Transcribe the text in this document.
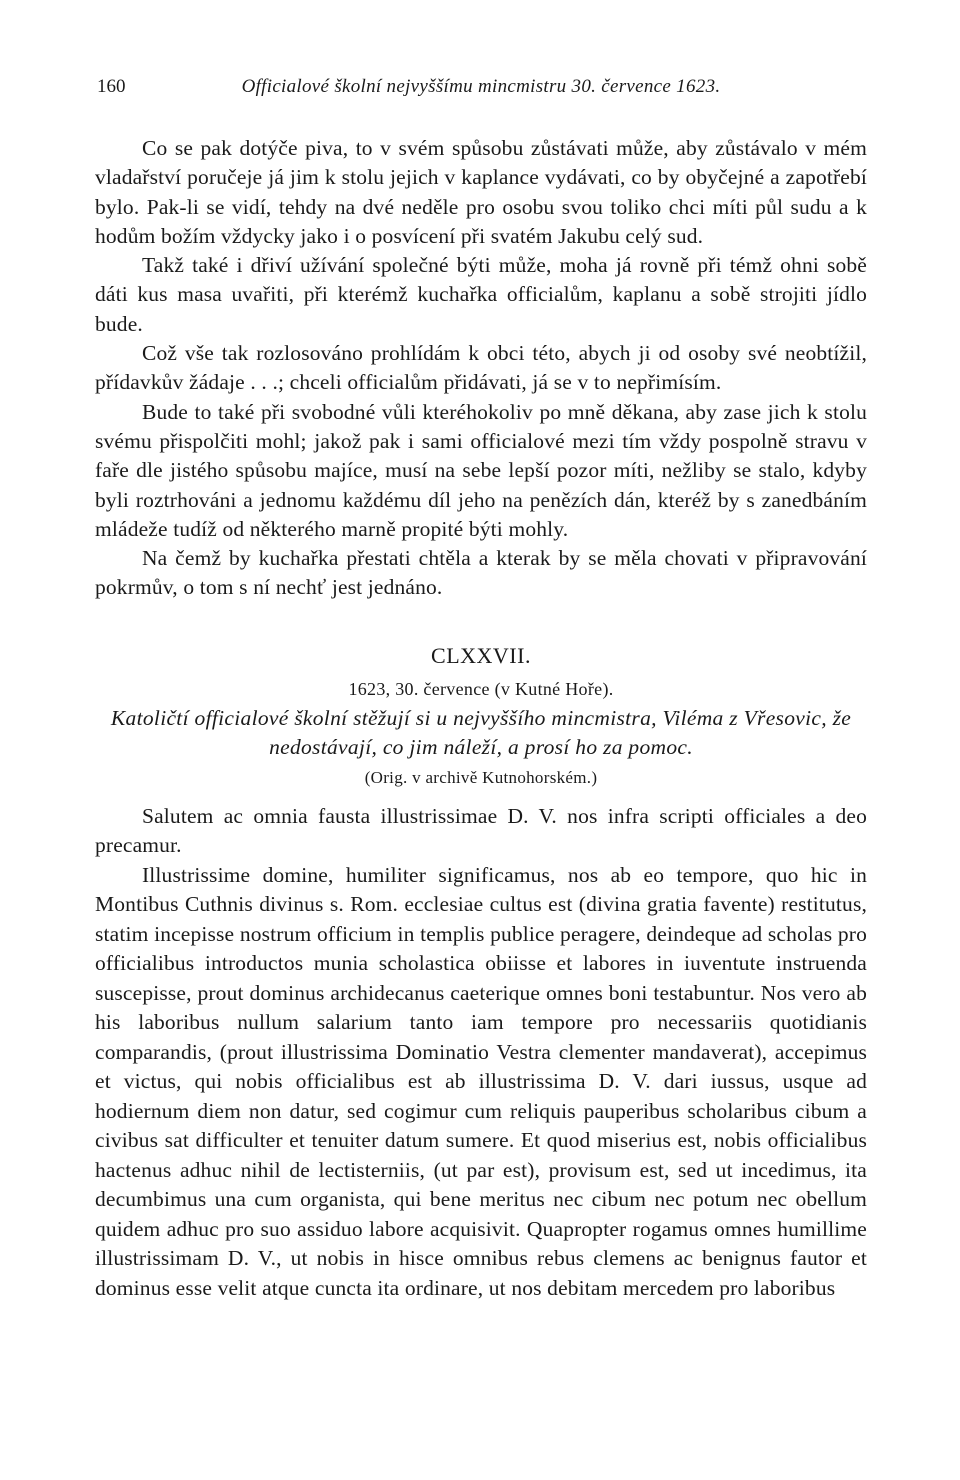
160	Officialové školní nejvyššímu mincmistru 30. července 1623.

Co se pak dotýče piva, to v svém spůsobu zůstávati může, aby zůstávalo v mém vladařství poručeje já jim k stolu jejich v kaplance vydávati, co by obyčejné a zapotřebí bylo. Pak-li se vidí, tehdy na dvé neděle pro osobu svou toliko chci míti půl sudu a k hodům božím vždycky jako i o posvícení při svatém Jakubu celý sud.

Takž také i dřiví užívání společné býti může, moha já rovně při témž ohni sobě dáti kus masa uvařiti, při kterémž kuchařka officialům, kaplanu a sobě strojiti jídlo bude.

Což vše tak rozlosováno prohlídám k obci této, abych ji od osoby své neobtížil, přídavkův žádaje . . .; chceli officialům přidávati, já se v to nepřimísím.

Bude to také při svobodné vůli kteréhokoliv po mně děkana, aby zase jich k stolu svému přispolčiti mohl; jakož pak i sami officialové mezi tím vždy pospolně stravu v faře dle jistého spůsobu majíce, musí na sebe lepší pozor míti, nežliby se stalo, kdyby byli roztrhováni a jednomu každému díl jeho na penězích dán, kteréž by s zanedbáním mládeže tudíž od některého marně propité býti mohly.

Na čemž by kuchařka přestati chtěla a kterak by se měla chovati v připravování pokrmův, o tom s ní nechť jest jednáno.

CLXXVII.
1623, 30. července (v Kutné Hoře).
Katoličtí officialové školní stěžují si u nejvyššího mincmistra, Viléma z Vřesovic, že nedostávají, co jim náleží, a prosí ho za pomoc.
(Orig. v archivě Kutnohorském.)

Salutem ac omnia fausta illustrissimae D. V. nos infra scripti officiales a deo precamur.

Illustrissime domine, humiliter significamus, nos ab eo tempore, quo hic in Montibus Cuthnis divinus s. Rom. ecclesiae cultus est (divina gratia favente) restitutus, statim incepisse nostrum officium in templis publice peragere, deindeque ad scholas pro officialibus introductos munia scholastica obiisse et labores in iuventute instruenda suscepisse, prout dominus archidecanus caeterique omnes boni testabuntur. Nos vero ab his laboribus nullum salarium tanto iam tempore pro necessariis quotidianis comparandis, (prout illustrissima Dominatio Vestra clementer mandaverat), accepimus et victus, qui nobis officialibus est ab illustrissima D. V. dari iussus, usque ad hodiernum diem non datur, sed cogimur cum reliquis pauperibus scholaribus cibum a civibus sat difficulter et tenuiter datum sumere. Et quod miserius est, nobis officialibus hactenus adhuc nihil de lectisterniis, (ut par est), provisum est, sed ut incedimus, ita decumbimus una cum organista, qui bene meritus nec cibum nec potum nec obellum quidem adhuc pro suo assiduo labore acquisivit. Quapropter rogamus omnes humillime illustrissimam D. V., ut nobis in hisce omnibus rebus clemens ac benignus fautor et dominus esse velit atque cuncta ita ordinare, ut nos debitam mercedem pro laboribus
